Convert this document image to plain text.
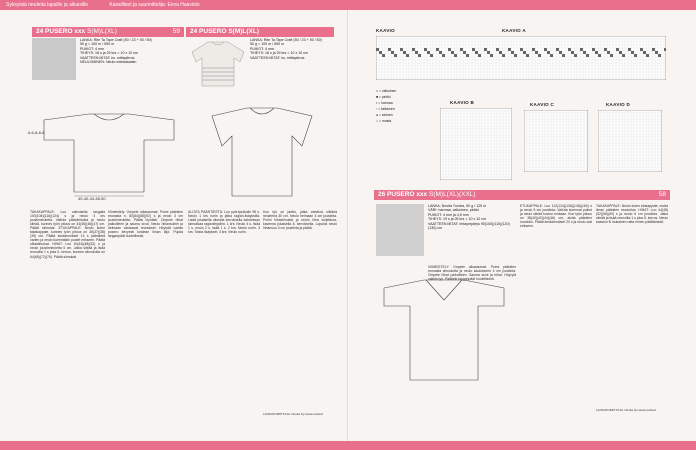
Syksyisiä neuleita lapsille ja aikuisille	Kassilliset ja suunnittelija: Eeva Haavisto
24 PUSERO xxx S(M)L(XL)	59	24 PUSERO S(M)L(XL)
LANKA: Rite Ta Tape Craft (50 / 23 + 50 / 50)
50 g = 100 m / 550 m
PUIKOT: 4 mm
TIHEYS: 18 s ja 29 krs = 10 x 10 cm
VAATTEEN MITAT: ks. mittapiirros
NEULOMINEN: Neulo edestakaisin
LANKA: Rite Ta Tape Craft (50 / 23 + 50 / 50)
50 g = 100 m / 550 m
PUIKOT: 4 mm
TIHEYS: 18 s ja 29 krs = 10 x 10 cm
VAATTEEN MITAT: ks. mittapiirros
40-40-44-48-50
6-6-8-8-8
TAKAKAPPALE: Luo valkoisella langalla 100(108)(116)(124) s ja neulo 4 krs joustinneuletta. Vaihda päävärilanka ja neulo sileää, kunnes työn pituus on 44(45)(46)(47) cm. Päätä silmukat. ETUKAPPALE: Neulo kuten takakappale, kunnes työn pituus on 36(37)(38)(39) cm. Päätä keskimmäiset 14 s pääntietä varten ja neulo kummatkin puolet erikseen. Päätä olkasilmukat. HIHAT: Luo 40(44)(48)(52) s ja neulo joustinneuletta 5 cm. Jatka sileää ja lisää reunoilla 1 s joka 6. kerros, kunnes silmukoita on 64(68)(72)(76). Päätä silmukat.
Viimeistely: Ompele olkasaumat. Poimi pääntien reunasta n. 80(84)(88)(92) s ja neulo 3 cm joustinneuletta. Päätä löyhästi. Ompele hihat paikoilleen ja sauma sivut. Neulo hihansuihin ja helmaan vastaavat reunukset. Höyrytä valmis pusero kevyesti kostean liinan läpi. Pujota langanpäät huolellisesti.
ALOITA PÄÄNTIESTÄ: Luo pyöröpuikolle 96 s. Neulo 1 krs nurin ja jatka raglan-lisäyksillä. Lisää jokaisella oikealla kerroksella kahdeksan silmukkaa raglanlinjoihin. 1 krs: Neulo 4 s, lisää 1 s, neulo 2 s, lisää 1 s. 2 krs: Neulo nurin. 3 krs: Toista lisäykset. 4 krs: Neulo nurin.
Kun työ on jaettu, jatka vartaloa sileänä neuleena 30 cm. Neulo helmaan 4 cm joustinta. Poimi hihasilmukat ja neulo hiha suljettuna, kavenna jokaisella 8. kerroksella. Lopuksi neulo hihansuu 4 cm joustinta ja päätä.
LANKATOIMITTAJA: Novita Oy www.novita.fi
KAAVIO	KAAVIO A
□ = valkoinen
■ = pinkki
▪ = harmaa
▫ = keltainen
● = sininen
○ = musta
KAAVIO B	KAAVIO C	KAAVIO D
26 PUSERO xxx S(M)L(XL)(XXL)	58
LANKA: Novita Tundra, 50 g / 125 m
VÄRI: harmaa, valkoinen, pinkki
PUIKOT: 4 mm ja 4,5 mm
TIHEYS: 19 s ja 26 krs = 10 x 10 cm
VAATTEEN MITAT: rintaympärys 90(100)(110)(120)(130) cm
ETUKAPPALE: Luo 112(124)(136)(148)(160) s ja neulo 5 cm joustinta. Vaihda isommat puikot ja neulo sileää kuvion mukaan. Kun työn pituus on 38(40)(42)(44)(46) cm, aloita pääntien muotoilu. Päätä keskimmäiset 20 s ja neulo olat erikseen.
TAKAKAPPALE: Neulo kuten etukappale, mutta ilman pääntien muotoilua. HIHAT: Luo 44(48)(52)(56)(60) s ja neulo 6 cm joustinta. Jatka sileää ja lisää reunoilta 1 s joka 8. kerros. Neulo kaavion B mukainen raita ennen päättämistä.
VIIMEISTELY: Ompele olkasaumat. Poimi pääntien reunasta silmukoita ja neulo kaulukseen 4 cm joustinta. Ompele hihat paikoilleen. Sauma sivut ja hihat. Höyrytä valmis työ. Päättele langanpäät huolellisesti.
LANKATOIMITTAJA: Novita Oy www.novita.fi
